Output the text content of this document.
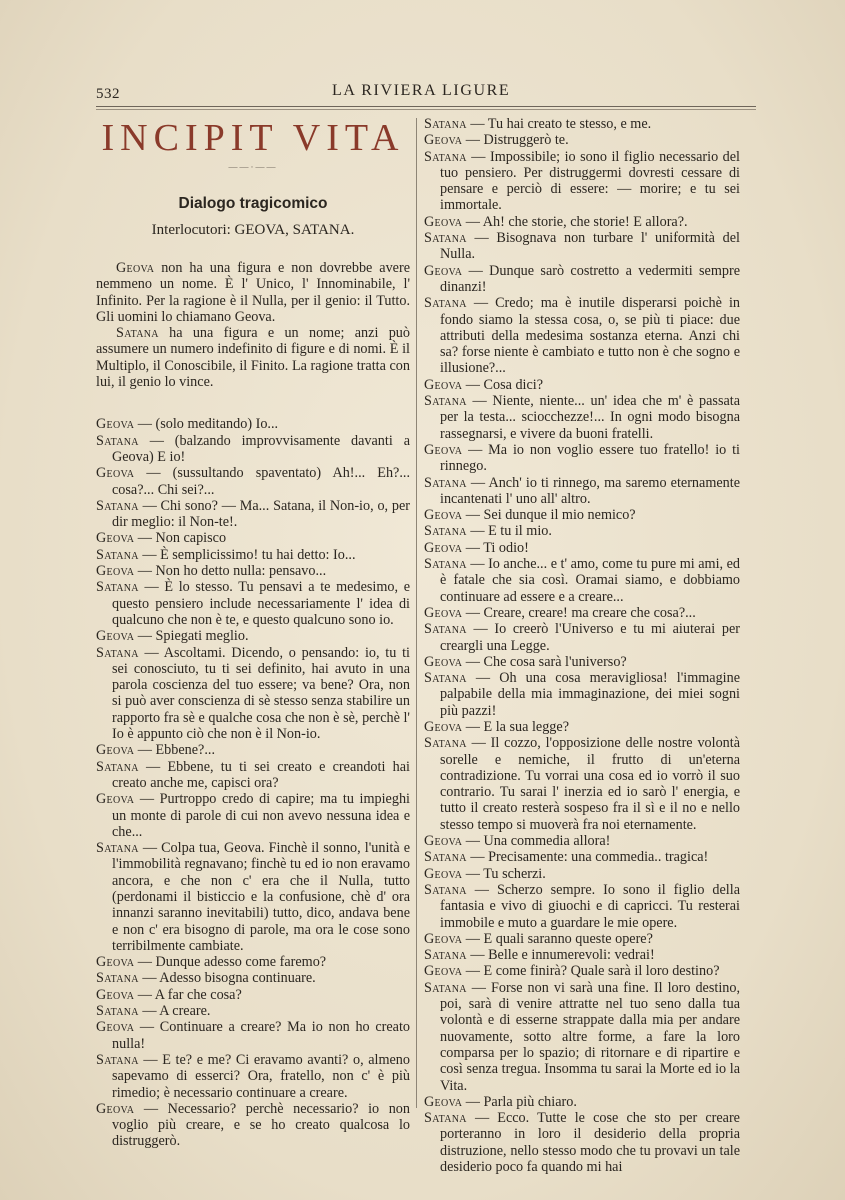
532	LA RIVIERA LIGURE
INCIPIT VITA
——·——
Dialogo tragicomico
Interlocutori: GEOVA, SATANA.

Geova non ha una figura e non dovrebbe avere nemmeno un nome. È l' Unico, l' Innominabile, l' Infinito. Per la ragione è il Nulla, per il genio: il Tutto. Gli uomini lo chiamano Geova.

Satana ha una figura e un nome; anzi può assumere un numero indefinito di figure e di nomi. È il Multiplo, il Conoscibile, il Finito. La ragione tratta con lui, il genio lo vince.

Geova — (solo meditando) Io...

Satana — (balzando improvvisamente davanti a Geova) E io!

Geova — (sussultando spaventato) Ah!... Eh?... cosa?... Chi sei?...

Satana — Chi sono? — Ma... Satana, il Non-io, o, per dir meglio: il Non-te!.

Geova — Non capisco

Satana — È semplicissimo! tu hai detto: Io...

Geova — Non ho detto nulla: pensavo...

Satana — È lo stesso. Tu pensavi a te medesimo, e questo pensiero include necessariamente l' idea di qualcuno che non è te, e questo qualcuno sono io.

Geova — Spiegati meglio.

Satana — Ascoltami. Dicendo, o pensando: io, tu ti sei conosciuto, tu ti sei definito, hai avuto in una parola coscienza del tuo essere; va bene? Ora, non si può aver conscienza di sè stesso senza stabilire un rapporto fra sè e qualche cosa che non è sè, perchè l' Io è appunto ciò che non è il Non-io.

Geova — Ebbene?...

Satana — Ebbene, tu ti sei creato e creandoti hai creato anche me, capisci ora?

Geova — Purtroppo credo di capire; ma tu impieghi un monte di parole di cui non avevo nessuna idea e che...

Satana — Colpa tua, Geova. Finchè il sonno, l'unità e l'immobilità regnavano; finchè tu ed io non eravamo ancora, e che non c' era che il Nulla, tutto (perdonami il bisticcio e la confusione, chè d' ora innanzi saranno inevitabili) tutto, dico, andava bene e non c' era bisogno di parole, ma ora le cose sono terribilmente cambiate.

Geova — Dunque adesso come faremo?

Satana — Adesso bisogna continuare.

Geova — A far che cosa?

Satana — A creare.

Geova — Continuare a creare? Ma io non ho creato nulla!

Satana — E te? e me? Ci eravamo avanti? o, almeno sapevamo di esserci? Ora, fratello, non c' è più rimedio; è necessario continuare a creare.

Geova — Necessario? perchè necessario? io non voglio più creare, e se ho creato qualcosa lo distruggerò.

Satana — Tu hai creato te stesso, e me.

Geova — Distruggerò te.

Satana — Impossibile; io sono il figlio necessario del tuo pensiero. Per distruggermi dovresti cessare di pensare e perciò di essere: — morire; e tu sei immortale.

Geova — Ah! che storie, che storie! E allora?.

Satana — Bisognava non turbare l' uniformità del Nulla.

Geova — Dunque sarò costretto a vedermiti sempre dinanzi!

Satana — Credo; ma è inutile disperarsi poichè in fondo siamo la stessa cosa, o, se più ti piace: due attributi della medesima sostanza eterna. Anzi chi sa? forse niente è cambiato e tutto non è che sogno e illusione?...

Geova — Cosa dici?

Satana — Niente, niente... un' idea che m' è passata per la testa... sciocchezze!... In ogni modo bisogna rassegnarsi, e vivere da buoni fratelli.

Geova — Ma io non voglio essere tuo fratello! io ti rinnego.

Satana — Anch' io ti rinnego, ma saremo eternamente incantenati l' uno all' altro.

Geova — Sei dunque il mio nemico?

Satana — E tu il mio.

Geova — Ti odio!

Satana — Io anche... e t' amo, come tu pure mi ami, ed è fatale che sia così. Oramai siamo, e dobbiamo continuare ad essere e a creare...

Geova — Creare, creare! ma creare che cosa?...

Satana — Io creerò l'Universo e tu mi aiuterai per creargli una Legge.

Geova — Che cosa sarà l'universo?

Satana — Oh una cosa meravigliosa! l'immagine palpabile della mia immaginazione, dei miei sogni più pazzi!

Geova — E la sua legge?

Satana — Il cozzo, l'opposizione delle nostre volontà sorelle e nemiche, il frutto di un'eterna contradizione. Tu vorrai una cosa ed io vorrò il suo contrario. Tu sarai l' inerzia ed io sarò l' energia, e tutto il creato resterà sospeso fra il sì e il no e nello stesso tempo si muoverà fra noi eternamente.

Geova — Una commedia allora!

Satana — Precisamente: una commedia.. tragica!

Geova — Tu scherzi.

Satana — Scherzo sempre. Io sono il figlio della fantasia e vivo di giuochi e di capricci. Tu resterai immobile e muto a guardare le mie opere.

Geova — E quali saranno queste opere?

Satana — Belle e innumerevoli: vedrai!

Geova — E come finirà? Quale sarà il loro destino?

Satana — Forse non vi sarà una fine. Il loro destino, poi, sarà di venire attratte nel tuo seno dalla tua volontà e di esserne strappate dalla mia per andare nuovamente, sotto altre forme, a fare la loro comparsa per lo spazio; di ritornare e di ripartire e così senza tregua. Insomma tu sarai la Morte ed io la Vita.

Geova — Parla più chiaro.

Satana — Ecco. Tutte le cose che sto per creare porteranno in loro il desiderio della propria distruzione, nello stesso modo che tu provavi un tale desiderio poco fa quando mi hai
